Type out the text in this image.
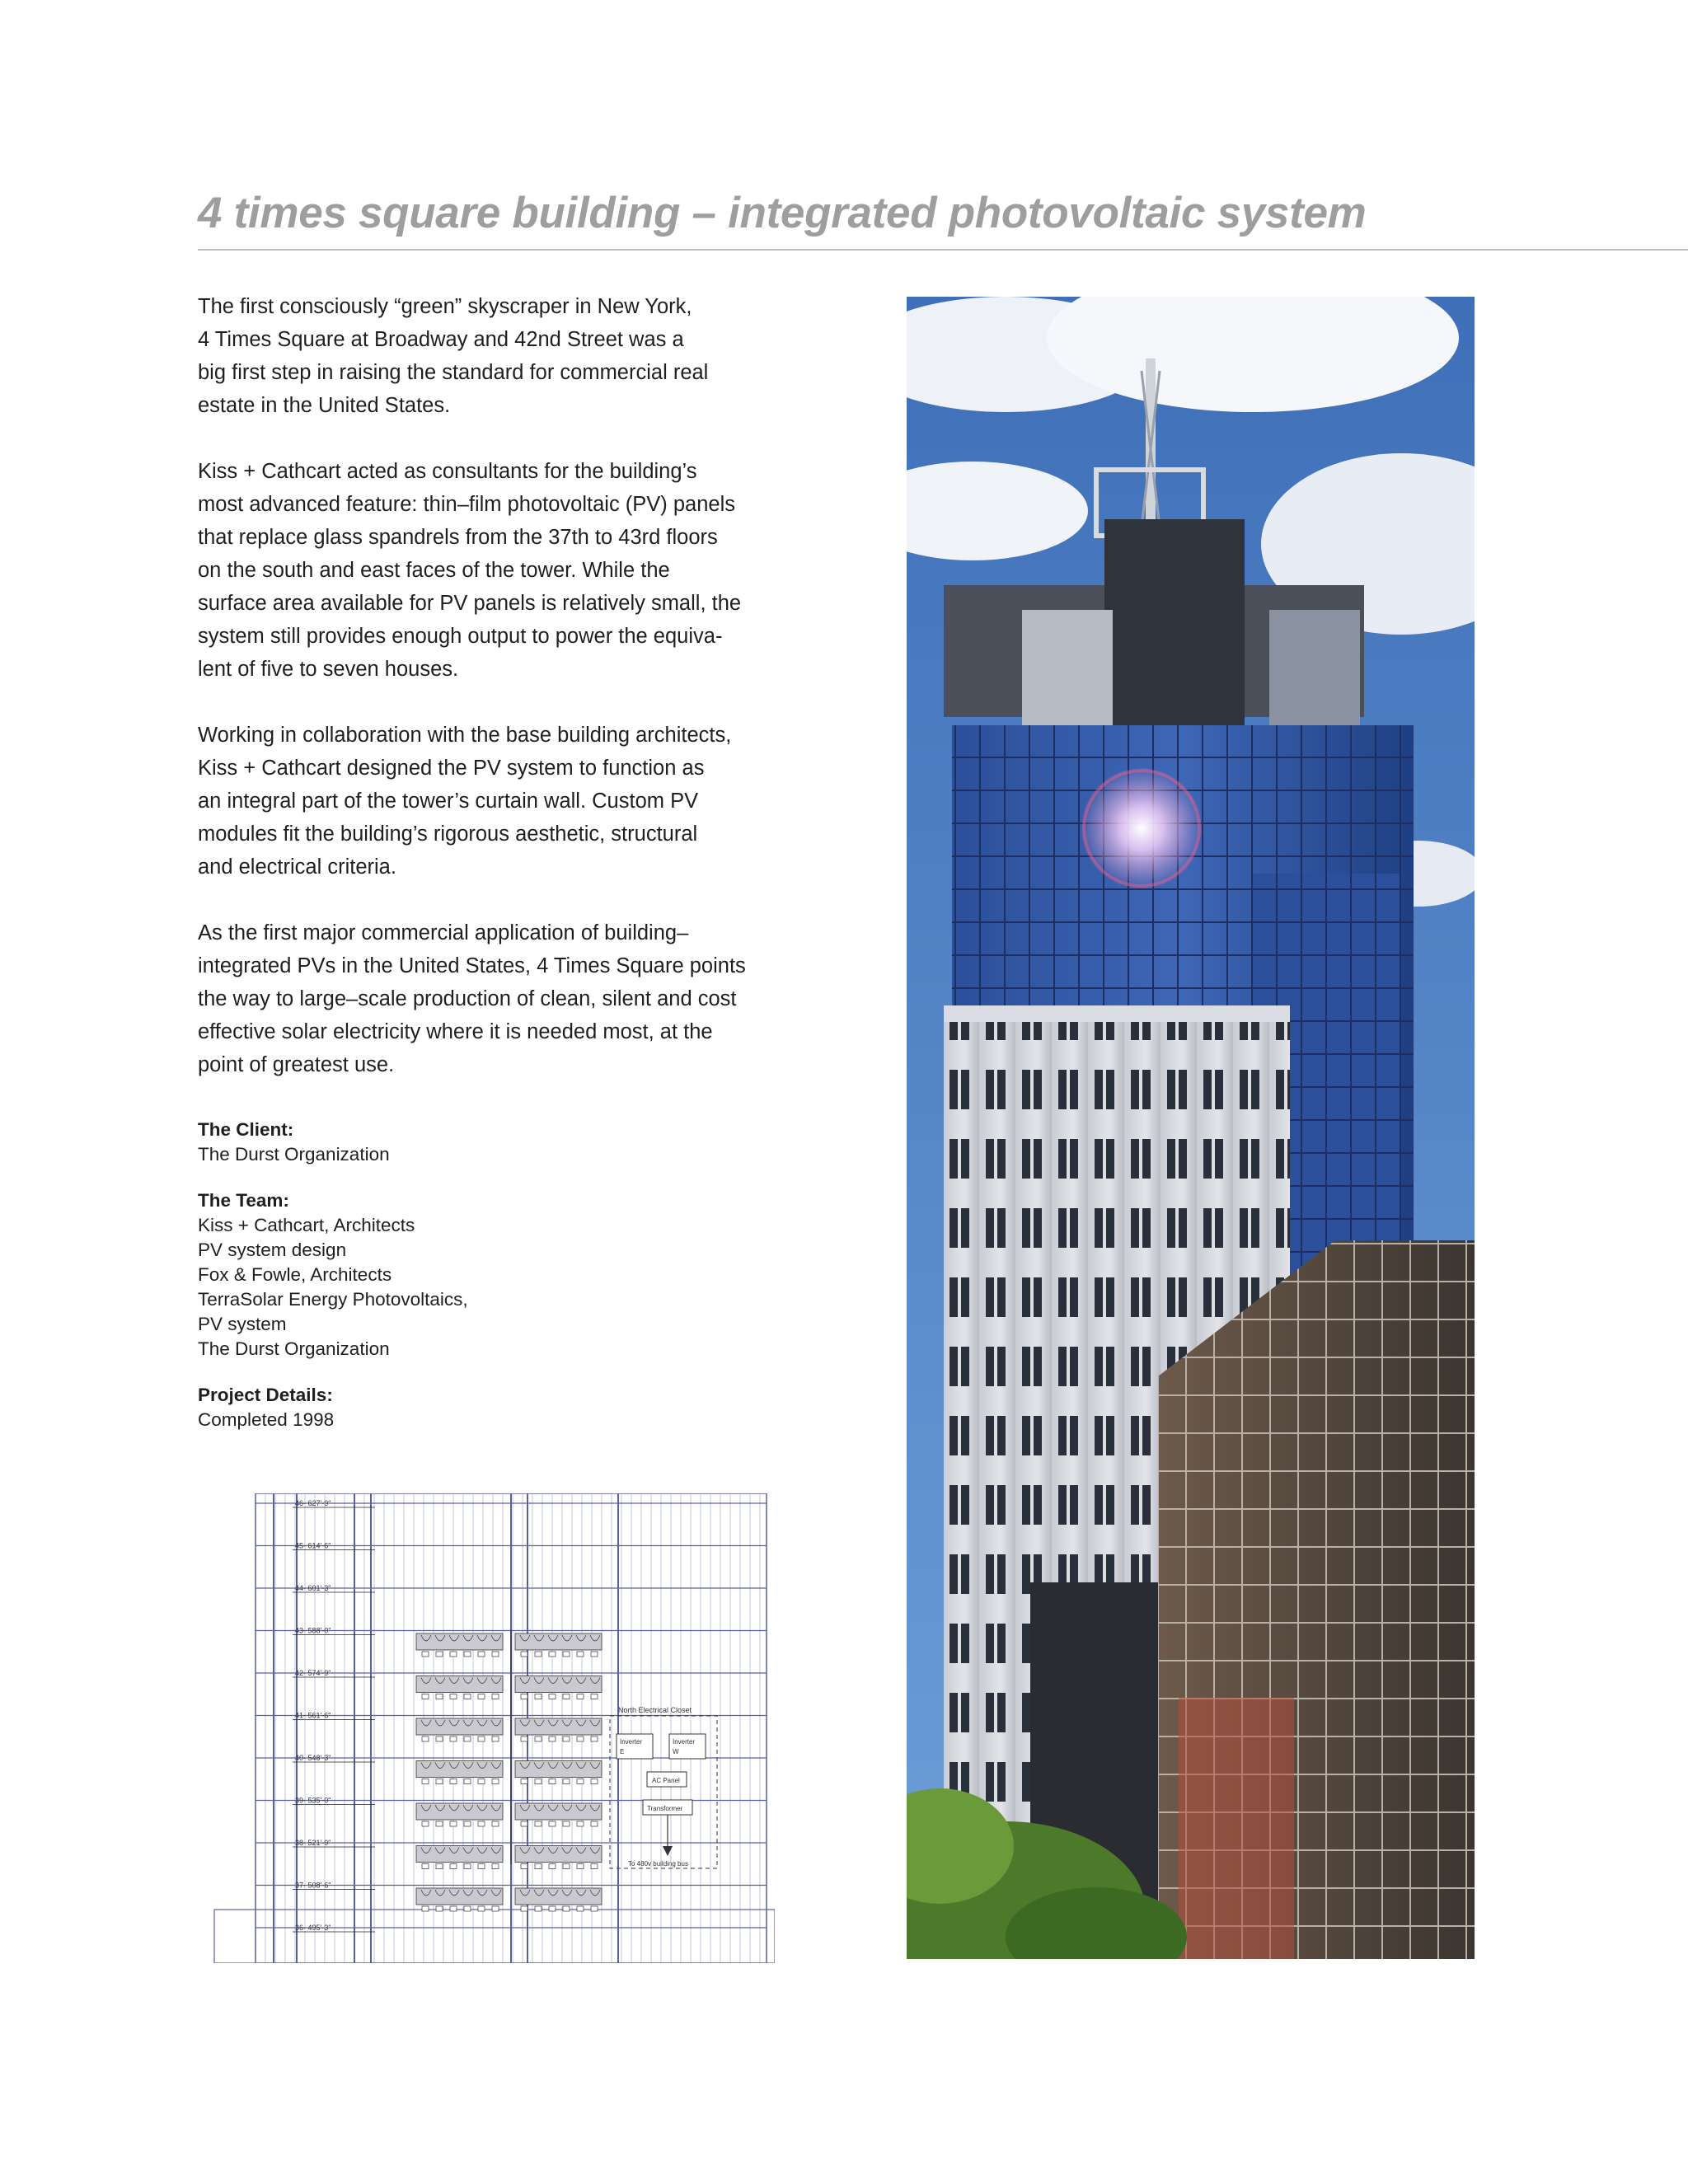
4 times square building – integrated photovoltaic system

The first consciously “green” skyscraper in New York,
4 Times Square at Broadway and 42nd Street was a
big first step in raising the standard for commercial real
estate in the United States.

Kiss + Cathcart acted as consultants for the building’s
most advanced feature: thin–film photovoltaic (PV) panels
that replace glass spandrels from the 37th to 43rd floors
on the south and east faces of the tower. While the
surface area available for PV panels is relatively small, the
system still provides enough output to power the equiva-
lent of five to seven houses.

Working in collaboration with the base building architects,
Kiss + Cathcart designed the PV system to function as
an integral part of the tower’s curtain wall. Custom PV
modules fit the building’s rigorous aesthetic, structural
and electrical criteria.

As the first major commercial application of building–
integrated PVs in the United States, 4 Times Square points
the way to large–scale production of clean, silent and cost
effective solar electricity where it is needed most, at the
point of greatest use.

The Client:
The Durst Organization
The Team:
Kiss + Cathcart, Architects
PV system design
Fox & Fowle, Architects
TerraSolar Energy Photovoltaics,
PV system
The Durst Organization
Project Details:
Completed 1998
46- 627'-9"
45- 614'-6"
44- 601'-3"
43- 588'-0"
42- 574'-9"
41- 561'-6"
40- 548'-3"
39- 535'-0"
38- 521'-9"
37- 508'-6"
36- 495'-3"
North Electrical Closet
Inverter
E
Inverter
W
AC Panel
Transformer
To 480v building bus
